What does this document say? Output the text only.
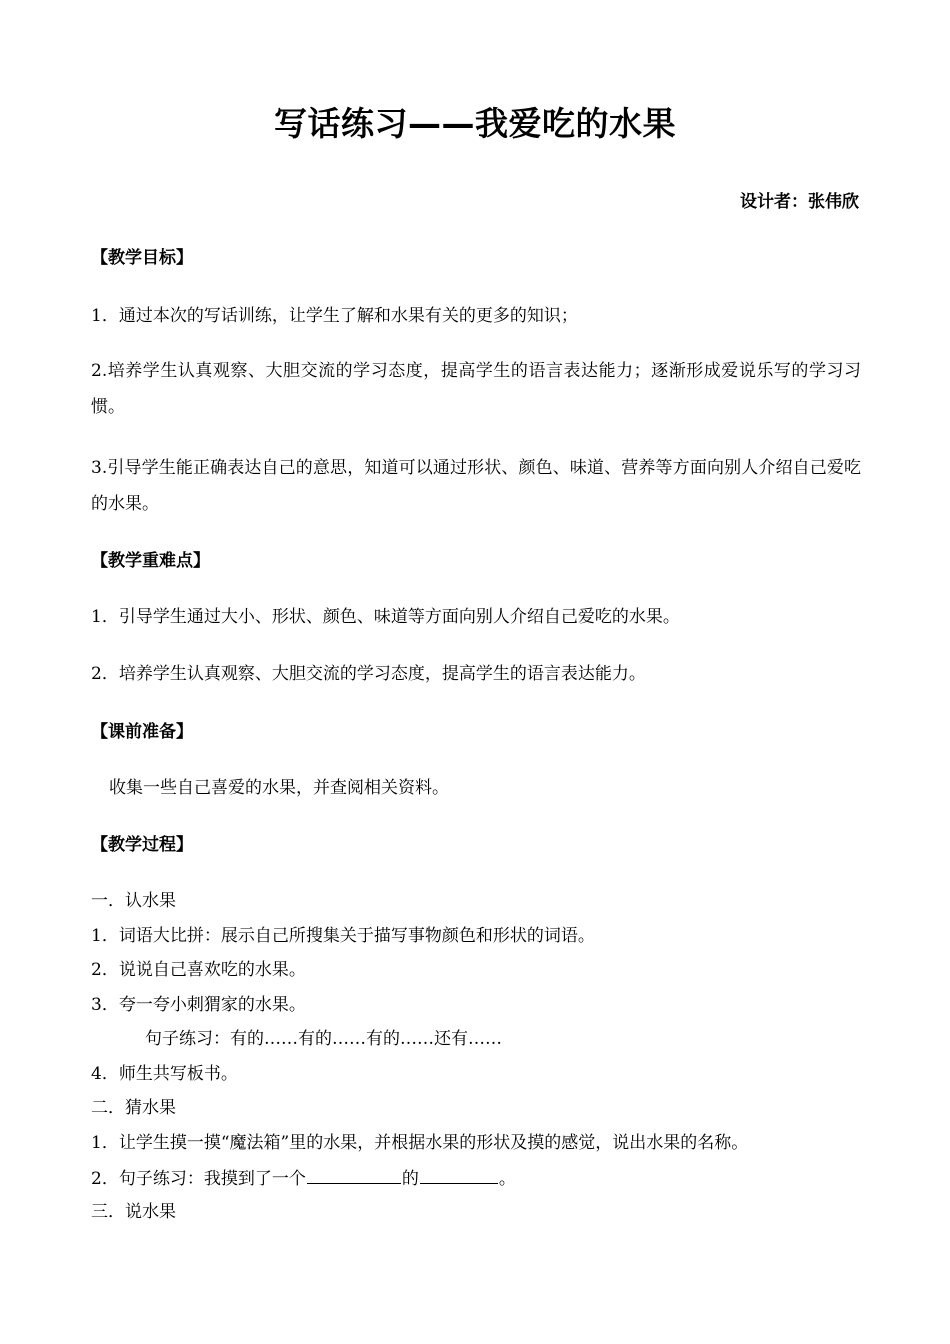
写话练习——我爱吃的水果
设计者：张伟欣
【教学目标】
1．通过本次的写话训练，让学生了解和水果有关的更多的知识；
2.培养学生认真观察、大胆交流的学习态度，提高学生的语言表达能力；逐渐形成爱说乐写的学习习惯。
3.引导学生能正确表达自己的意思，知道可以通过形状、颜色、味道、营养等方面向别人介绍自己爱吃的水果。
【教学重难点】
1．引导学生通过大小、形状、颜色、味道等方面向别人介绍自己爱吃的水果。
2．培养学生认真观察、大胆交流的学习态度，提高学生的语言表达能力。
【课前准备】
收集一些自己喜爱的水果，并查阅相关资料。
【教学过程】
一．认水果
1．词语大比拼：展示自己所搜集关于描写事物颜色和形状的词语。
2．说说自己喜欢吃的水果。
3．夸一夸小刺猬家的水果。
句子练习：有的……有的……有的……还有……
4．师生共写板书。
二．猜水果
1．让学生摸一摸“魔法箱”里的水果，并根据水果的形状及摸的感觉，说出水果的名称。
2．句子练习：我摸到了一个	的	。
三．说水果
